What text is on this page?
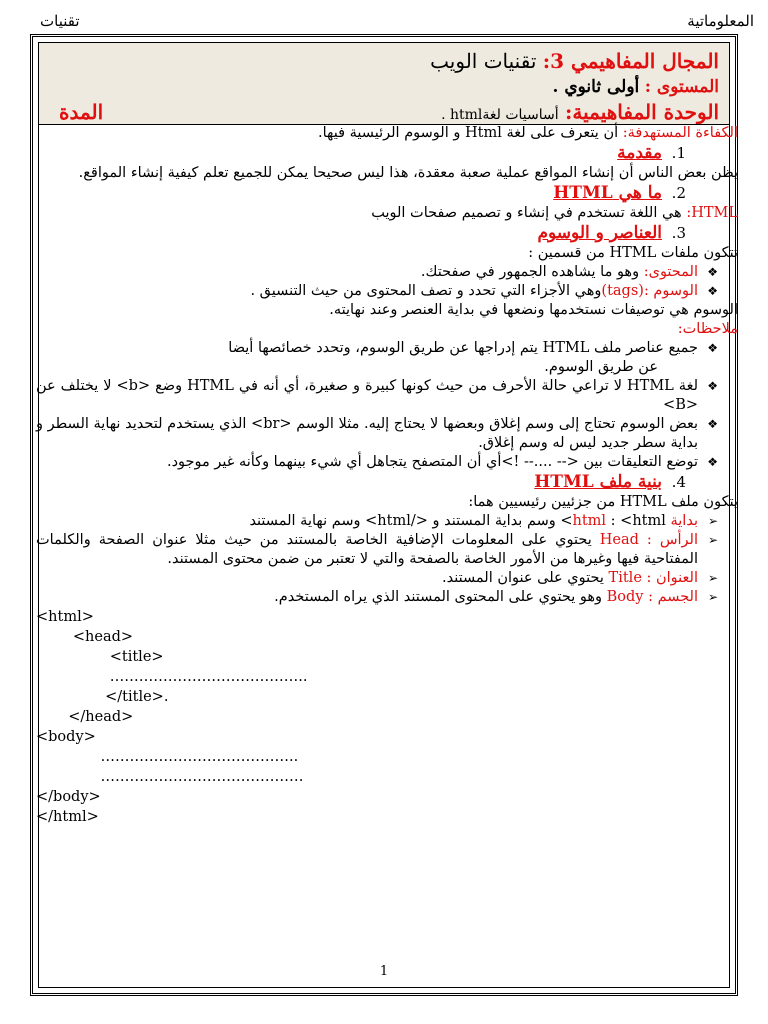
المعلوماتية
تقنيات
المجال المفاهيمي 3: تقنيات الويب
المستوى : أولى ثانوي .
الوحدة المفاهيمية: أساسيات لغةhtml .
المدة
الكفاءة المستهدفة: أن يتعرف على لغة Html و الوسوم الرئيسية فيها.
1.مقدمة
يظن بعض الناس أن إنشاء المواقع عملية صعبة معقدة، هذا ليس صحيحا يمكن للجميع تعلم كيفية إنشاء المواقع.
2.ما هي HTML
HTML: هي اللغة تستخدم في إنشاء و تصميم صفحات الويب
3.العناصر و الوسوم
تتكون ملفات HTML من قسمين :
❖
المحتوى: وهو ما يشاهده الجمهور في صفحتك.
❖
الوسوم :(tags)وهي الأجزاء التي تحدد و تصف المحتوى من حيث التنسيق .
الوسوم هي توصيفات نستخدمها ونضعها في بداية العنصر وعند نهايته.
ملاحظات:
❖
جميع عناصر ملف HTML يتم إدراجها عن طريق الوسوم، وتحدد خصائصها أيضا
عن طريق الوسوم.
❖
لغة HTML لا تراعي حالة الأحرف من حيث كونها كبيرة و صغيرة، أي أنه في HTML وضع <b> لا يختلف عن <B>
❖
بعض الوسوم تحتاج إلى وسم إغلاق وبعضها لا يحتاج إليه. مثلا الوسم <br> الذي يستخدم لتحديد نهاية السطر و بداية سطر جديد ليس له وسم إغلاق.
❖
توضع التعليقات بين <-- ....-- !>أي أن المتصفح يتجاهل أي شيء بينهما وكأنه غير موجود.
4.بنية ملف HTML
يتكون ملف HTML من جزئيين رئيسيين هما:
➢
بداية html : <html> وسم بداية المستند و </html> وسم نهاية المستند
➢
الرأس : Head يحتوي على المعلومات الإضافية الخاصة بالمستند من حيث مثلا عنوان الصفحة والكلمات المفتاحية فيها وغيرها من الأمور الخاصة بالصفحة والتي لا تعتبر من ضمن محتوى المستند.
➢
العنوان : Title يحتوي على عنوان المستند.
➢
الجسم : Body وهو يحتوي على المحتوى المستند الذي يراه المستخدم.
<html>
<head>
<title>
…………………………………..
</title>.
</head>
<body>
…………………………………..
……………………………………
</body>
</html>
1
